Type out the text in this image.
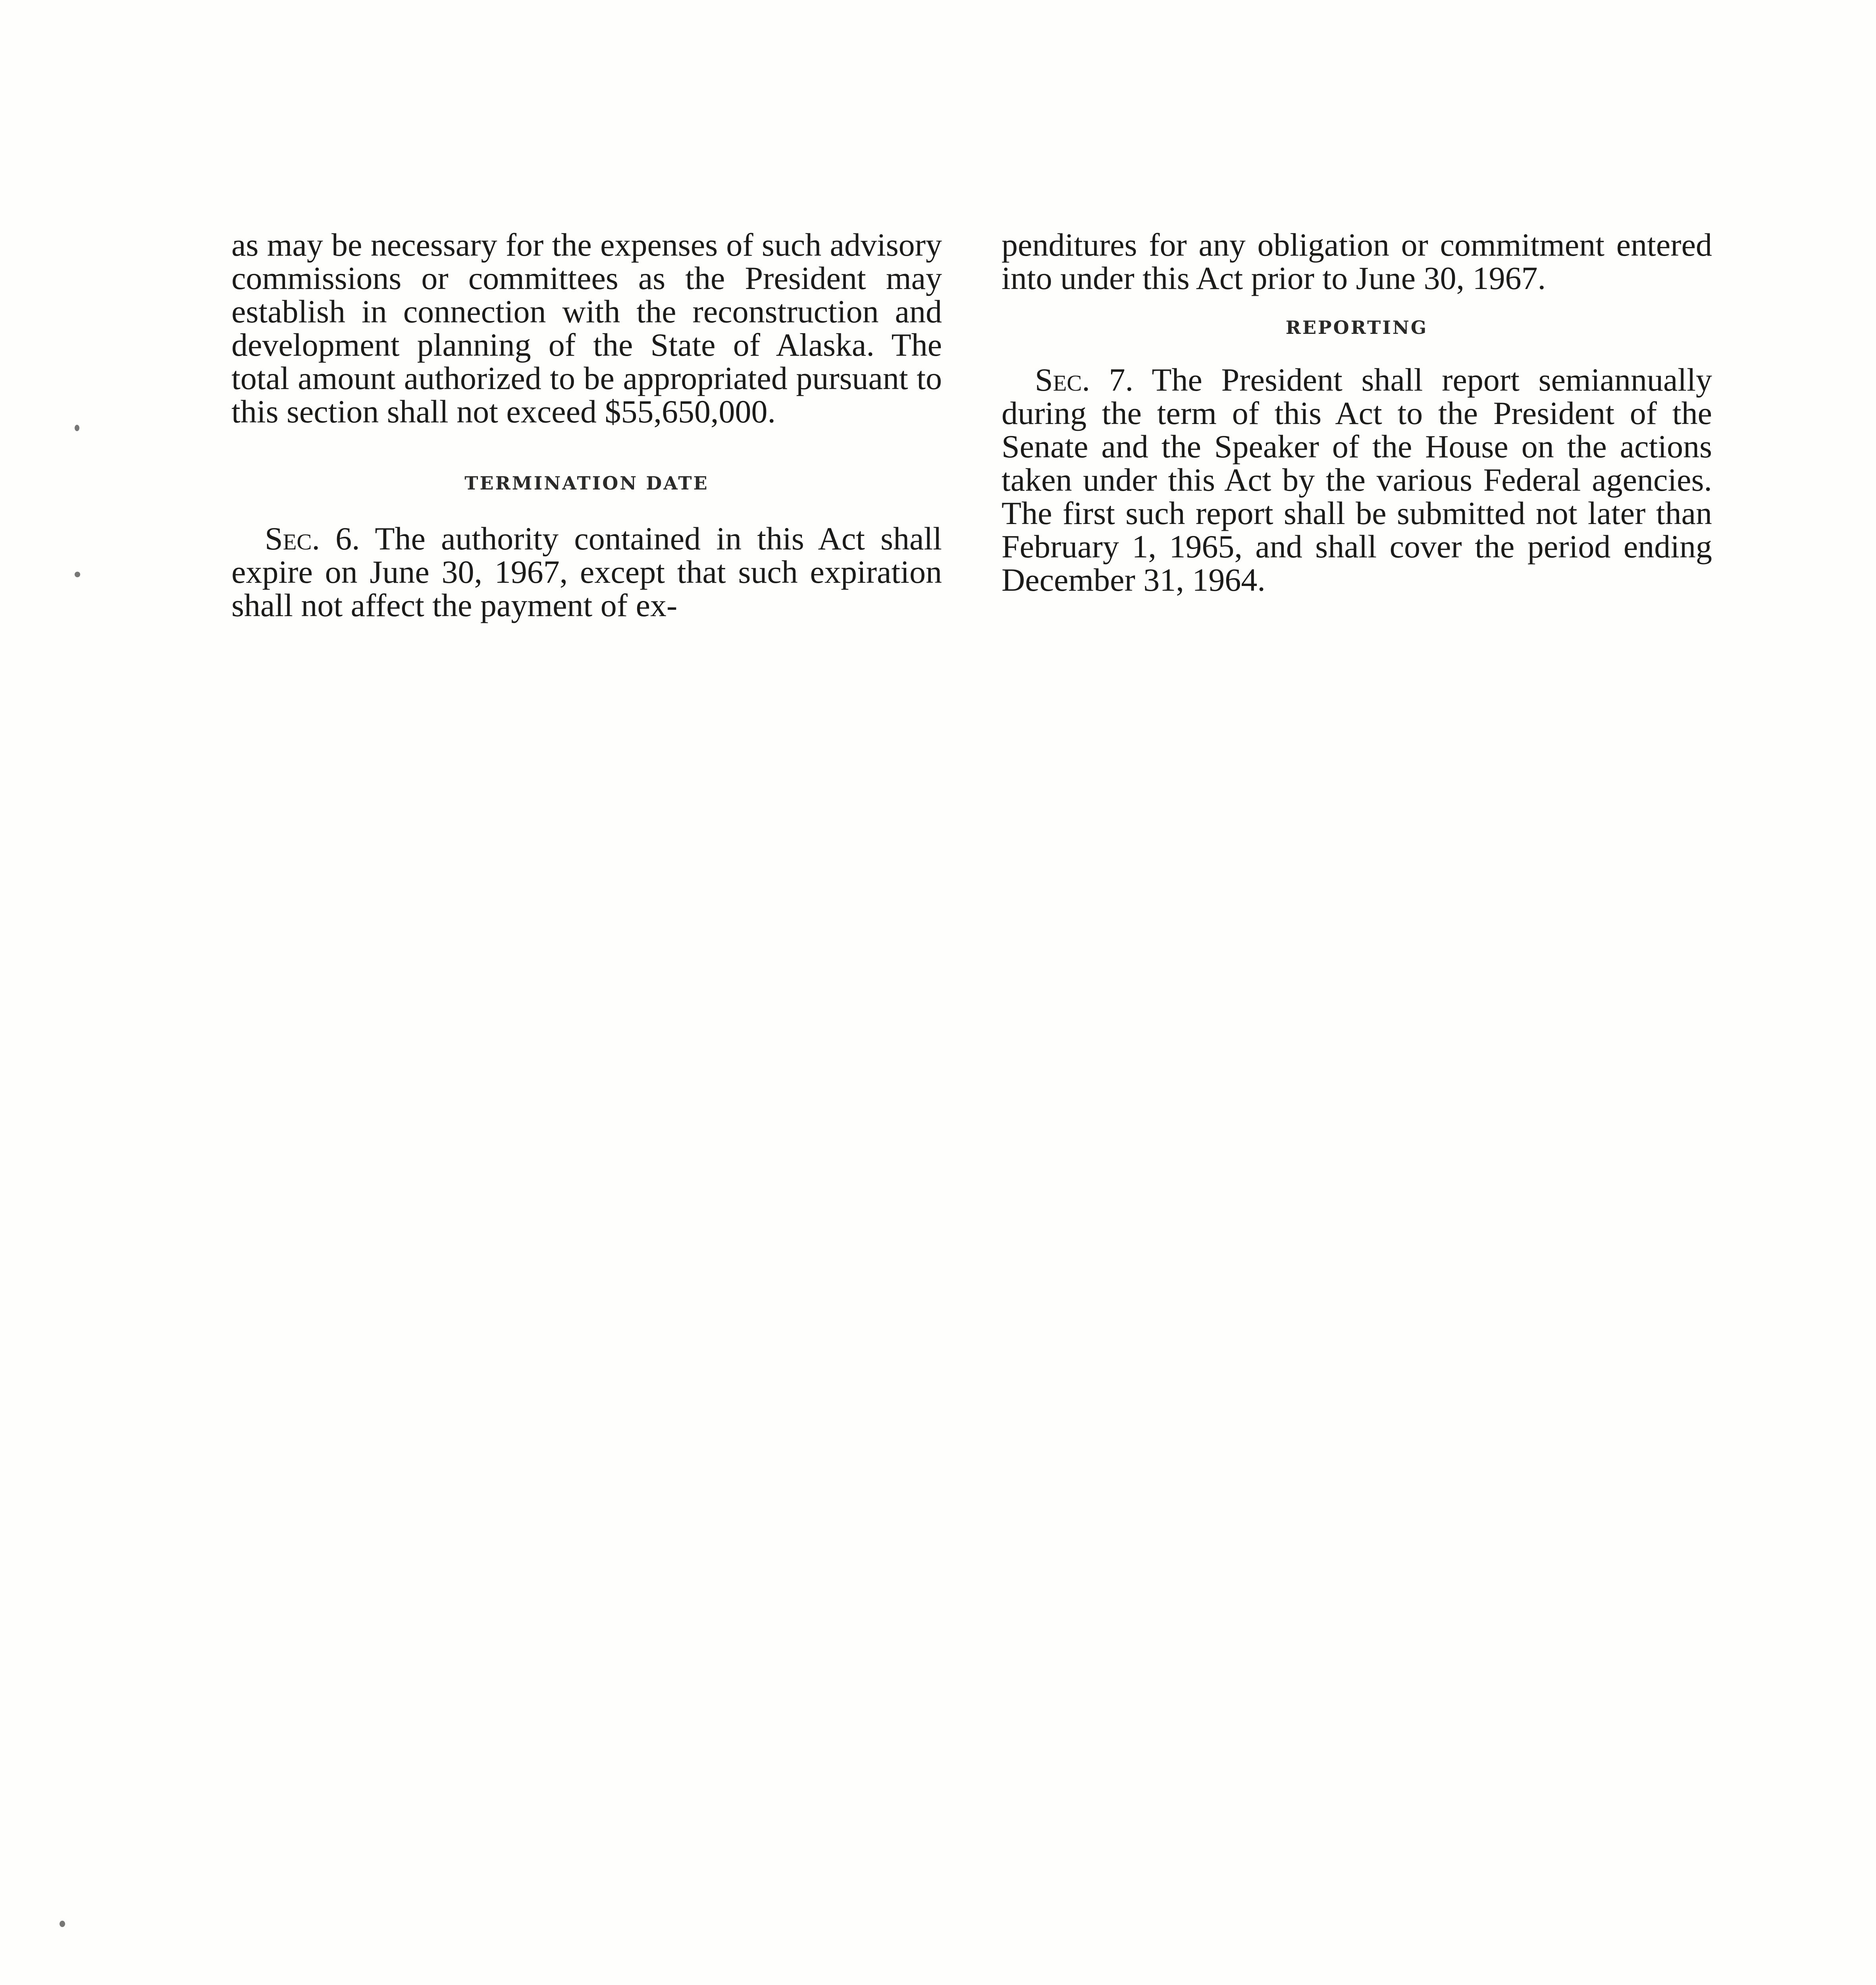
as may be necessary for the expenses of such advisory commissions or committees as the President may establish in connection with the reconstruction and development planning of the State of Alaska. The total amount authorized to be appropriated pursuant to this section shall not exceed $55,650,000.

TERMINATION DATE

Sec. 6. The authority contained in this Act shall expire on June 30, 1967, except that such expiration shall not affect the payment of ex-

penditures for any obligation or commitment entered into under this Act prior to June 30, 1967.

REPORTING

Sec. 7. The President shall report semiannually during the term of this Act to the President of the Senate and the Speaker of the House on the actions taken under this Act by the various Federal agencies. The first such report shall be submitted not later than February 1, 1965, and shall cover the period ending December 31, 1964.
